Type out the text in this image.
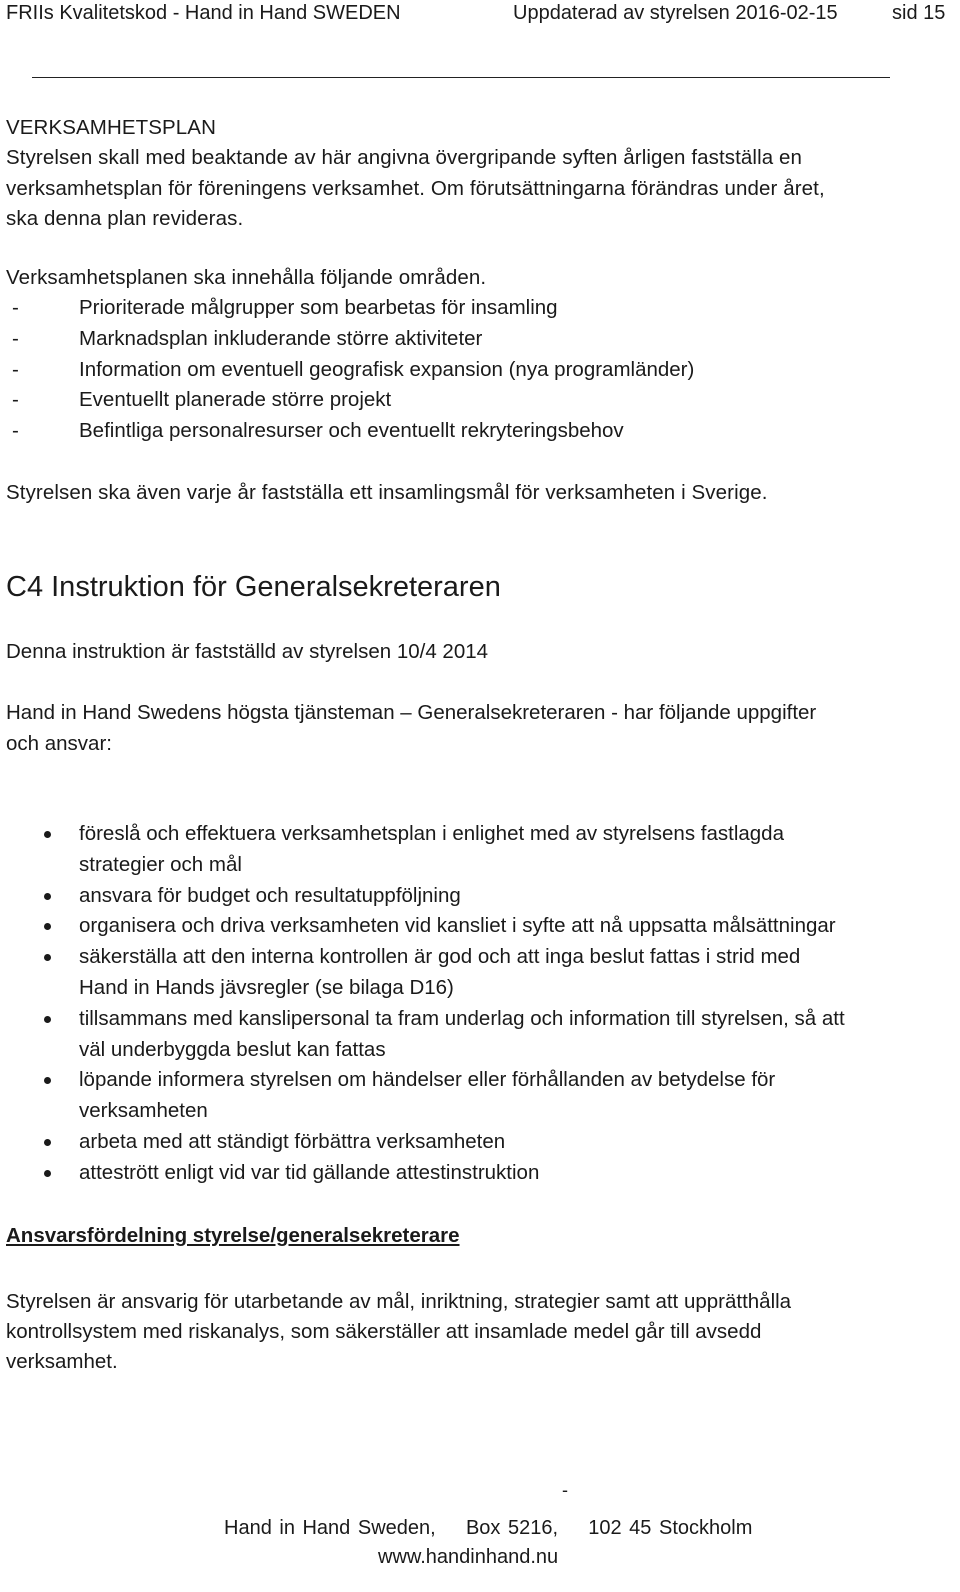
FRIIs Kvalitetskod - Hand in Hand SWEDEN	Uppdaterad av styrelsen 2016-02-15	sid 15
VERKSAMHETSPLAN
Styrelsen skall med beaktande av här angivna övergripande syften årligen fastställa en
verksamhetsplan för föreningens verksamhet. Om förutsättningarna förändras under året,
ska denna plan revideras.
Verksamhetsplanen ska innehålla följande områden.
-	Prioriterade målgrupper som bearbetas för insamling
-	Marknadsplan inkluderande större aktiviteter
-	Information om eventuell geografisk expansion (nya programländer)
-	Eventuellt planerade större projekt
-	Befintliga personalresurser och eventuellt rekryteringsbehov
Styrelsen ska även varje år fastställa ett insamlingsmål för verksamheten i Sverige.
C4 Instruktion för Generalsekreteraren
Denna instruktion är fastställd av styrelsen 10/4 2014
Hand in Hand Swedens högsta tjänsteman – Generalsekreteraren - har följande uppgifter
och ansvar:
föreslå och effektuera verksamhetsplan i enlighet med av styrelsens fastlagda
strategier och mål
ansvara för budget och resultatuppföljning
organisera och driva verksamheten vid kansliet i syfte att nå uppsatta målsättningar
säkerställa att den interna kontrollen är god och att inga beslut fattas i strid med
Hand in Hands jävsregler (se bilaga D16)
tillsammans med kanslipersonal ta fram underlag och information till styrelsen, så att
väl underbyggda beslut kan fattas
löpande informera styrelsen om händelser eller förhållanden av betydelse för
verksamheten
arbeta med att ständigt förbättra verksamheten
attestrött enligt vid var tid gällande attestinstruktion
Ansvarsfördelning styrelse/generalsekreterare
Styrelsen är ansvarig för utarbetande av mål, inriktning, strategier samt att upprätthålla
kontrollsystem med riskanalys, som säkerställer att insamlade medel går till avsedd
verksamhet.
-
Hand in Hand Sweden, Box 5216, 102 45 Stockholm
www.handinhand.nu
